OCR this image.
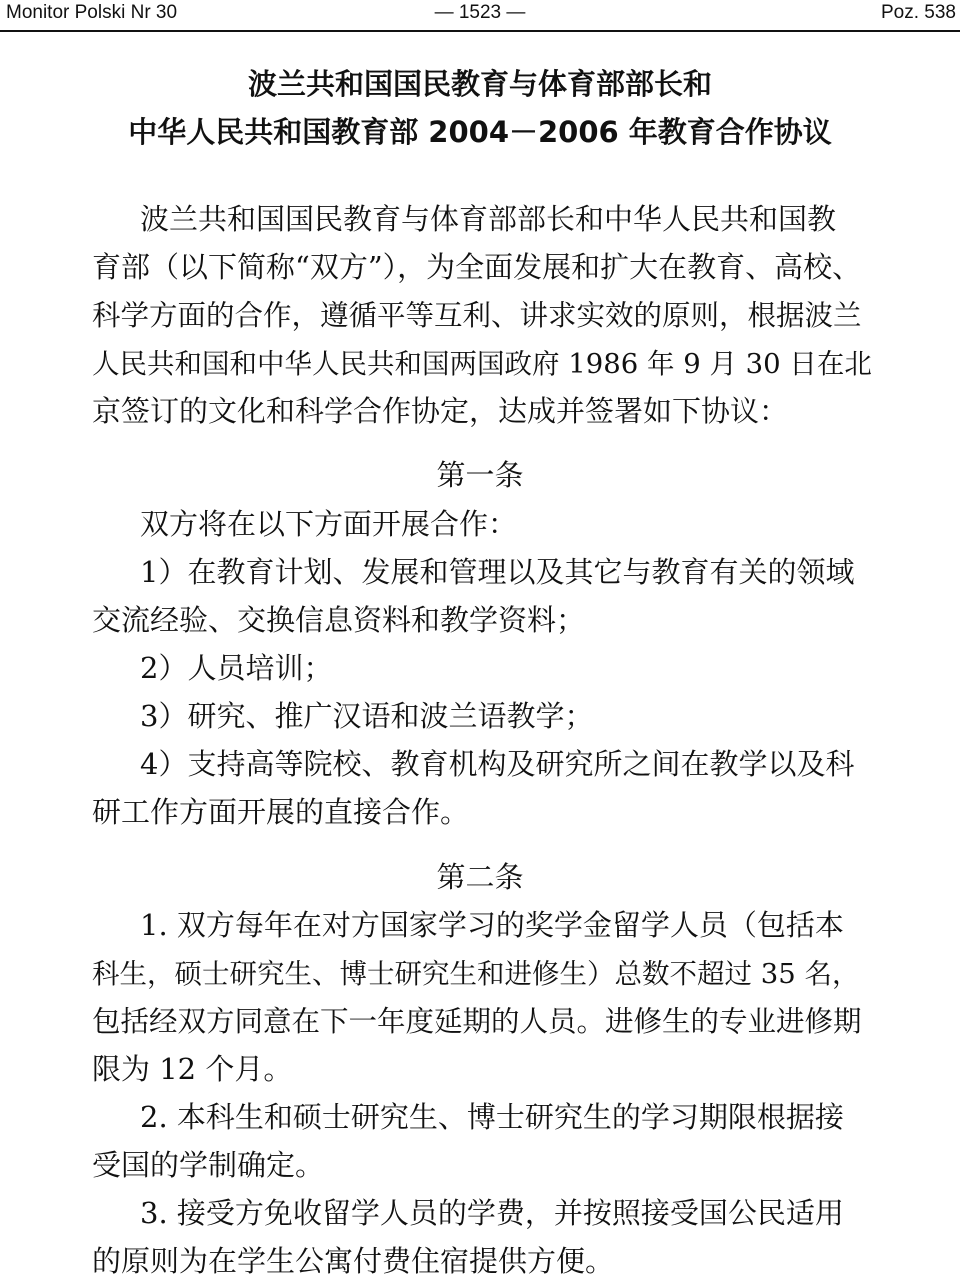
Monitor Polski Nr 30	— 1523 —	Poz. 538
波兰共和国国民教育与体育部部长和
中华人民共和国教育部 2004－2006 年教育合作协议
波兰共和国国民教育与体育部部长和中华人民共和国教
育部（以下简称“双方”），为全面发展和扩大在教育、高校、
科学方面的合作，遵循平等互利、讲求实效的原则，根据波兰
人民共和国和中华人民共和国两国政府 1986 年 9 月 30 日在北
京签订的文化和科学合作协定，达成并签署如下协议：
第一条
双方将在以下方面开展合作：
1）在教育计划、发展和管理以及其它与教育有关的领域
交流经验、交换信息资料和教学资料；
2）人员培训；
3）研究、推广汉语和波兰语教学；
4）支持高等院校、教育机构及研究所之间在教学以及科
研工作方面开展的直接合作。
第二条
1. 双方每年在对方国家学习的奖学金留学人员（包括本
科生，硕士研究生、博士研究生和进修生）总数不超过 35 名，
包括经双方同意在下一年度延期的人员。进修生的专业进修期
限为 12 个月。
2. 本科生和硕士研究生、博士研究生的学习期限根据接
受国的学制确定。
3. 接受方免收留学人员的学费，并按照接受国公民适用
的原则为在学生公寓付费住宿提供方便。
